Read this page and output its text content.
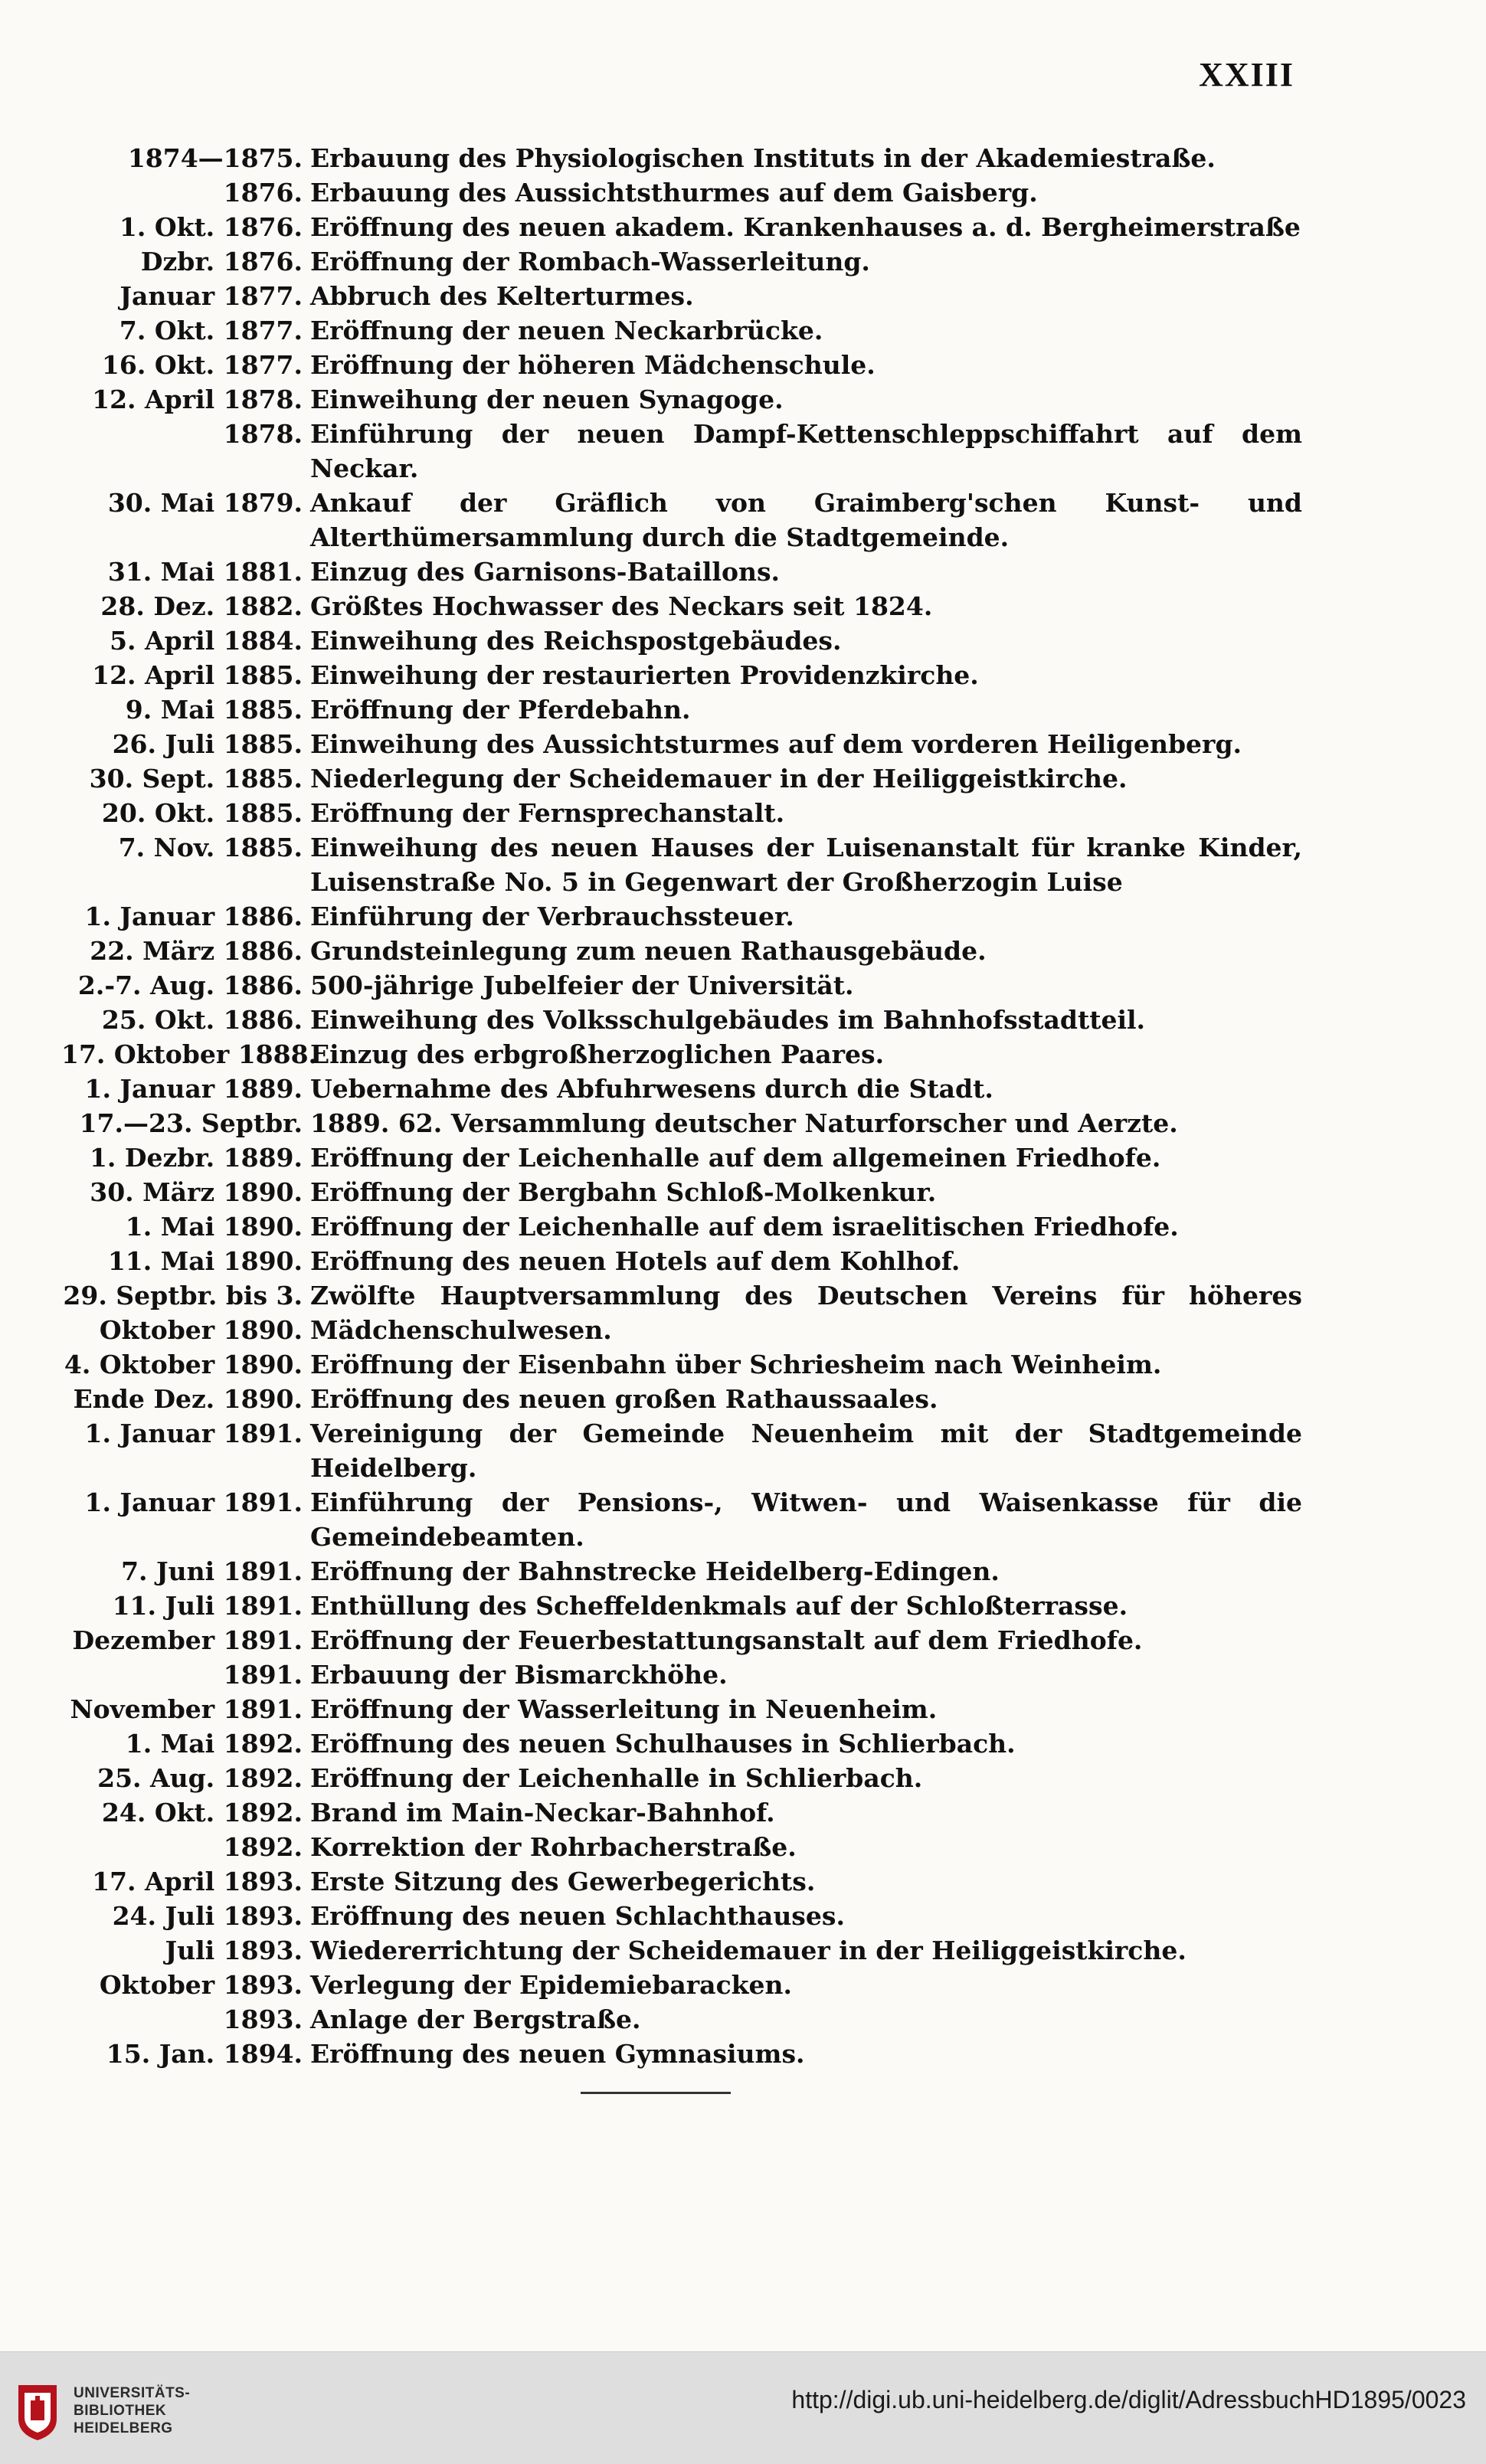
XXIII
1874—1875. Erbauung des Physiologischen Instituts in der Akademiestraße.
1876. Erbauung des Aussichtsthurmes auf dem Gaisberg.
1. Okt. 1876. Eröffnung des neuen akadem. Krankenhauses a. d. Bergheimerstraße
Dzbr. 1876. Eröffnung der Rombach-Wasserleitung.
Januar 1877. Abbruch des Kelterturmes.
7. Okt. 1877. Eröffnung der neuen Neckarbrücke.
16. Okt. 1877. Eröffnung der höheren Mädchenschule.
12. April 1878. Einweihung der neuen Synagoge.
1878. Einführung der neuen Dampf-Kettenschleppschiffahrt auf dem Neckar.
30. Mai 1879. Ankauf der Gräflich von Graimberg'schen Kunst- und Alterthümersammlung durch die Stadtgemeinde.
31. Mai 1881. Einzug des Garnisons-Bataillons.
28. Dez. 1882. Größtes Hochwasser des Neckars seit 1824.
5. April 1884. Einweihung des Reichspostgebäudes.
12. April 1885. Einweihung der restaurierten Providenzkirche.
9. Mai 1885. Eröffnung der Pferdebahn.
26. Juli 1885. Einweihung des Aussichtsturmes auf dem vorderen Heiligenberg.
30. Sept. 1885. Niederlegung der Scheidemauer in der Heiliggeistkirche.
20. Okt. 1885. Eröffnung der Fernsprechanstalt.
7. Nov. 1885. Einweihung des neuen Hauses der Luisenanstalt für kranke Kinder, Luisenstraße No. 5 in Gegenwart der Großherzogin Luise
1. Januar 1886. Einführung der Verbrauchssteuer.
22. März 1886. Grundsteinlegung zum neuen Rathausgebäude.
2.-7. Aug. 1886. 500-jährige Jubelfeier der Universität.
25. Okt. 1886. Einweihung des Volksschulgebäudes im Bahnhofsstadtteil.
17. Oktober 1888.
Einzug des erbgroßherzoglichen Paares.
1. Januar 1889. Uebernahme des Abfuhrwesens durch die Stadt.
17.—23. Septbr. 1889. 62. Versammlung deutscher Naturforscher und Aerzte.
1. Dezbr. 1889. Eröffnung der Leichenhalle auf dem allgemeinen Friedhofe.
30. März 1890. Eröffnung der Bergbahn Schloß-Molkenkur.
1. Mai 1890. Eröffnung der Leichenhalle auf dem israelitischen Friedhofe.
11. Mai 1890. Eröffnung des neuen Hotels auf dem Kohlhof.
29. Septbr. bis 3. Oktober 1890.
Zwölfte Hauptversammlung des Deutschen Vereins für höheres Mädchenschulwesen.
4. Oktober 1890. Eröffnung der Eisenbahn über Schriesheim nach Weinheim.
Ende Dez. 1890. Eröffnung des neuen großen Rathaussaales.
1. Januar 1891. Vereinigung der Gemeinde Neuenheim mit der Stadtgemeinde Heidelberg.
1. Januar 1891. Einführung der Pensions-, Witwen- und Waisenkasse für die Gemeindebeamten.
7. Juni 1891. Eröffnung der Bahnstrecke Heidelberg-Edingen.
11. Juli 1891. Enthüllung des Scheffeldenkmals auf der Schloßterrasse.
Dezember 1891. Eröffnung der Feuerbestattungsanstalt auf dem Friedhofe.
1891. Erbauung der Bismarckhöhe.
November 1891. Eröffnung der Wasserleitung in Neuenheim.
1. Mai 1892. Eröffnung des neuen Schulhauses in Schlierbach.
25. Aug. 1892. Eröffnung der Leichenhalle in Schlierbach.
24. Okt. 1892. Brand im Main-Neckar-Bahnhof.
1892. Korrektion der Rohrbacherstraße.
17. April 1893. Erste Sitzung des Gewerbegerichts.
24. Juli 1893. Eröffnung des neuen Schlachthauses.
Juli 1893. Wiedererrichtung der Scheidemauer in der Heiliggeistkirche.
Oktober 1893. Verlegung der Epidemiebaracken.
1893. Anlage der Bergstraße.
15. Jan. 1894. Eröffnung des neuen Gymnasiums.
UNIVERSITÄTS-
BIBLIOTHEK
HEIDELBERG
http://digi.ub.uni-heidelberg.de/diglit/AdressbuchHD1895/0023
